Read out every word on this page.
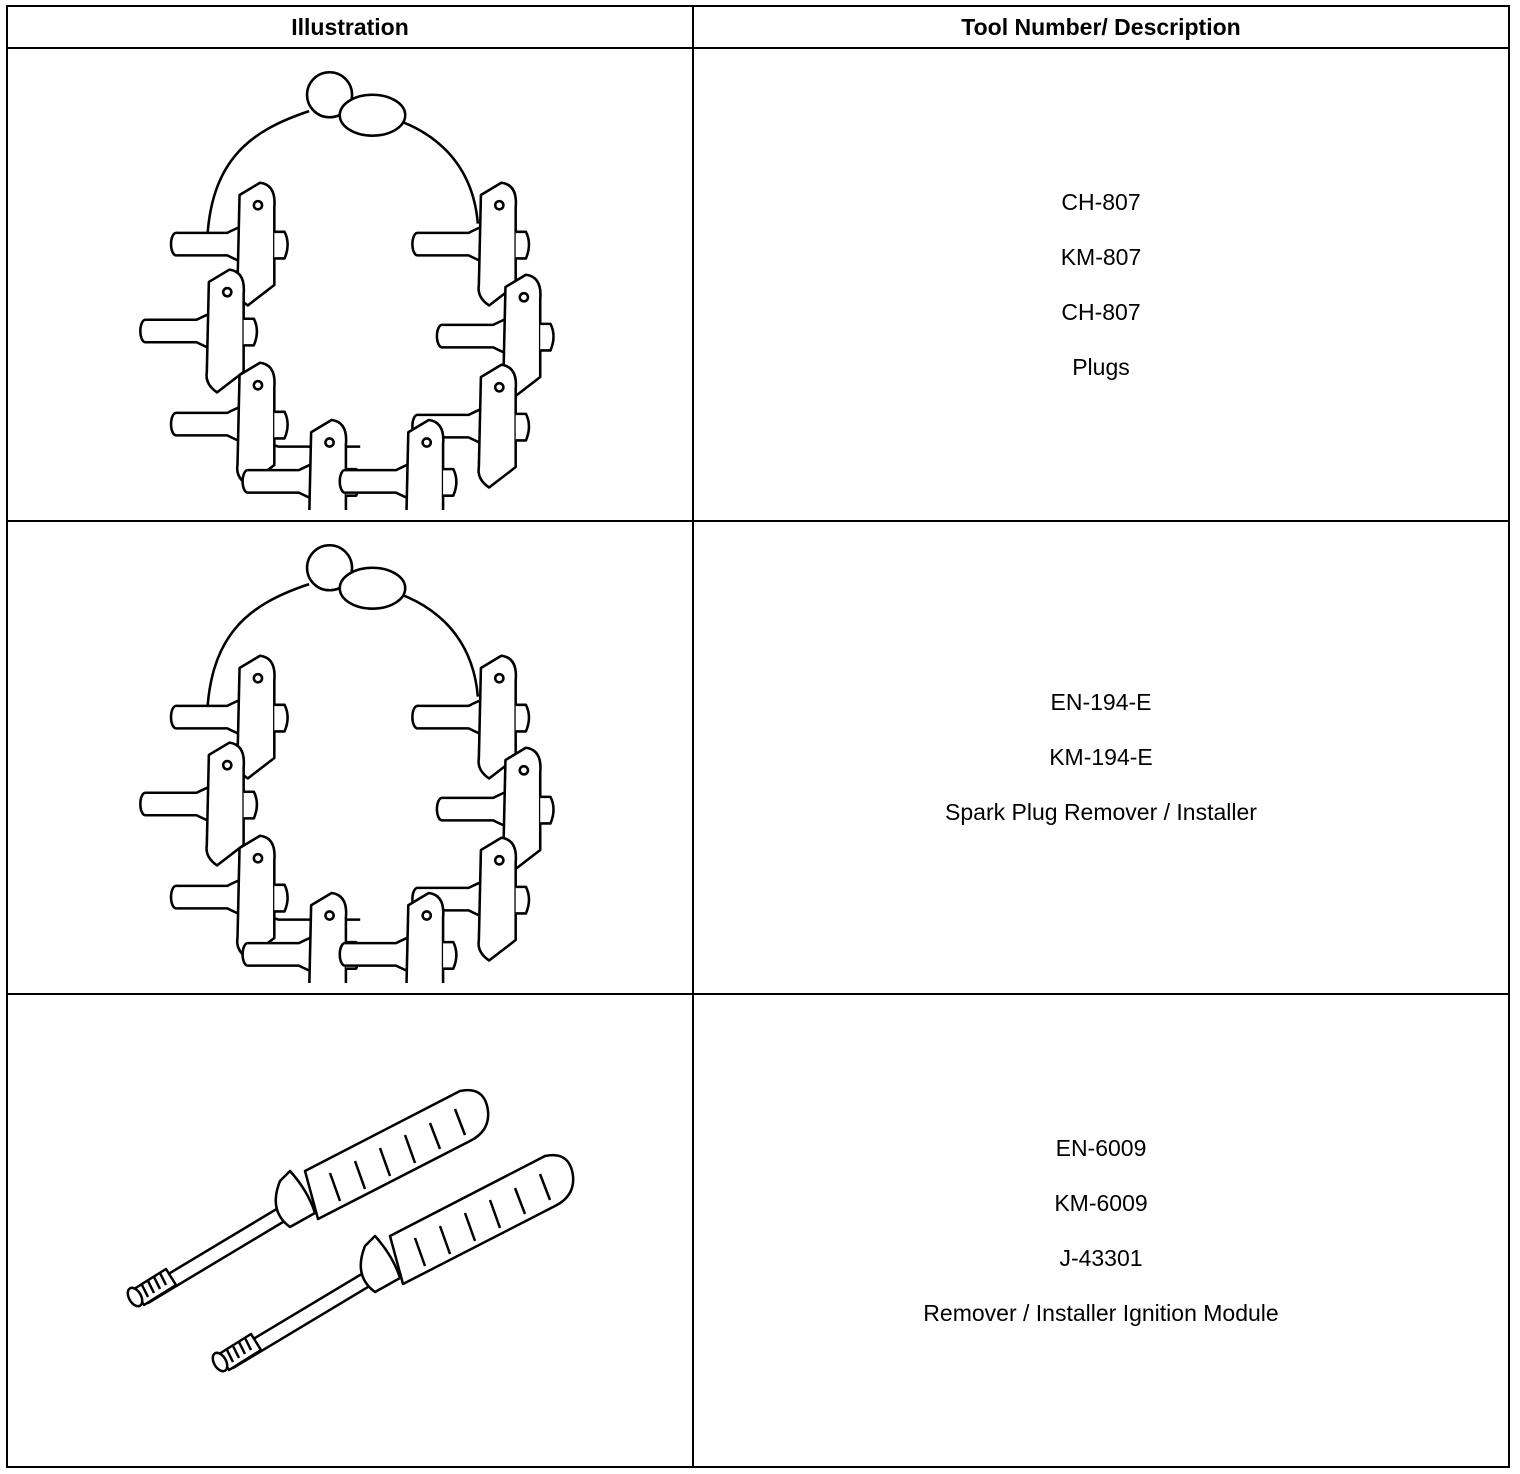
Illustration	Tool Number/ Description

CH-807
KM-807
CH-807
Plugs

EN-194-E
KM-194-E
Spark Plug Remover / Installer

EN-6009
KM-6009
J-43301
Remover / Installer Ignition Module
